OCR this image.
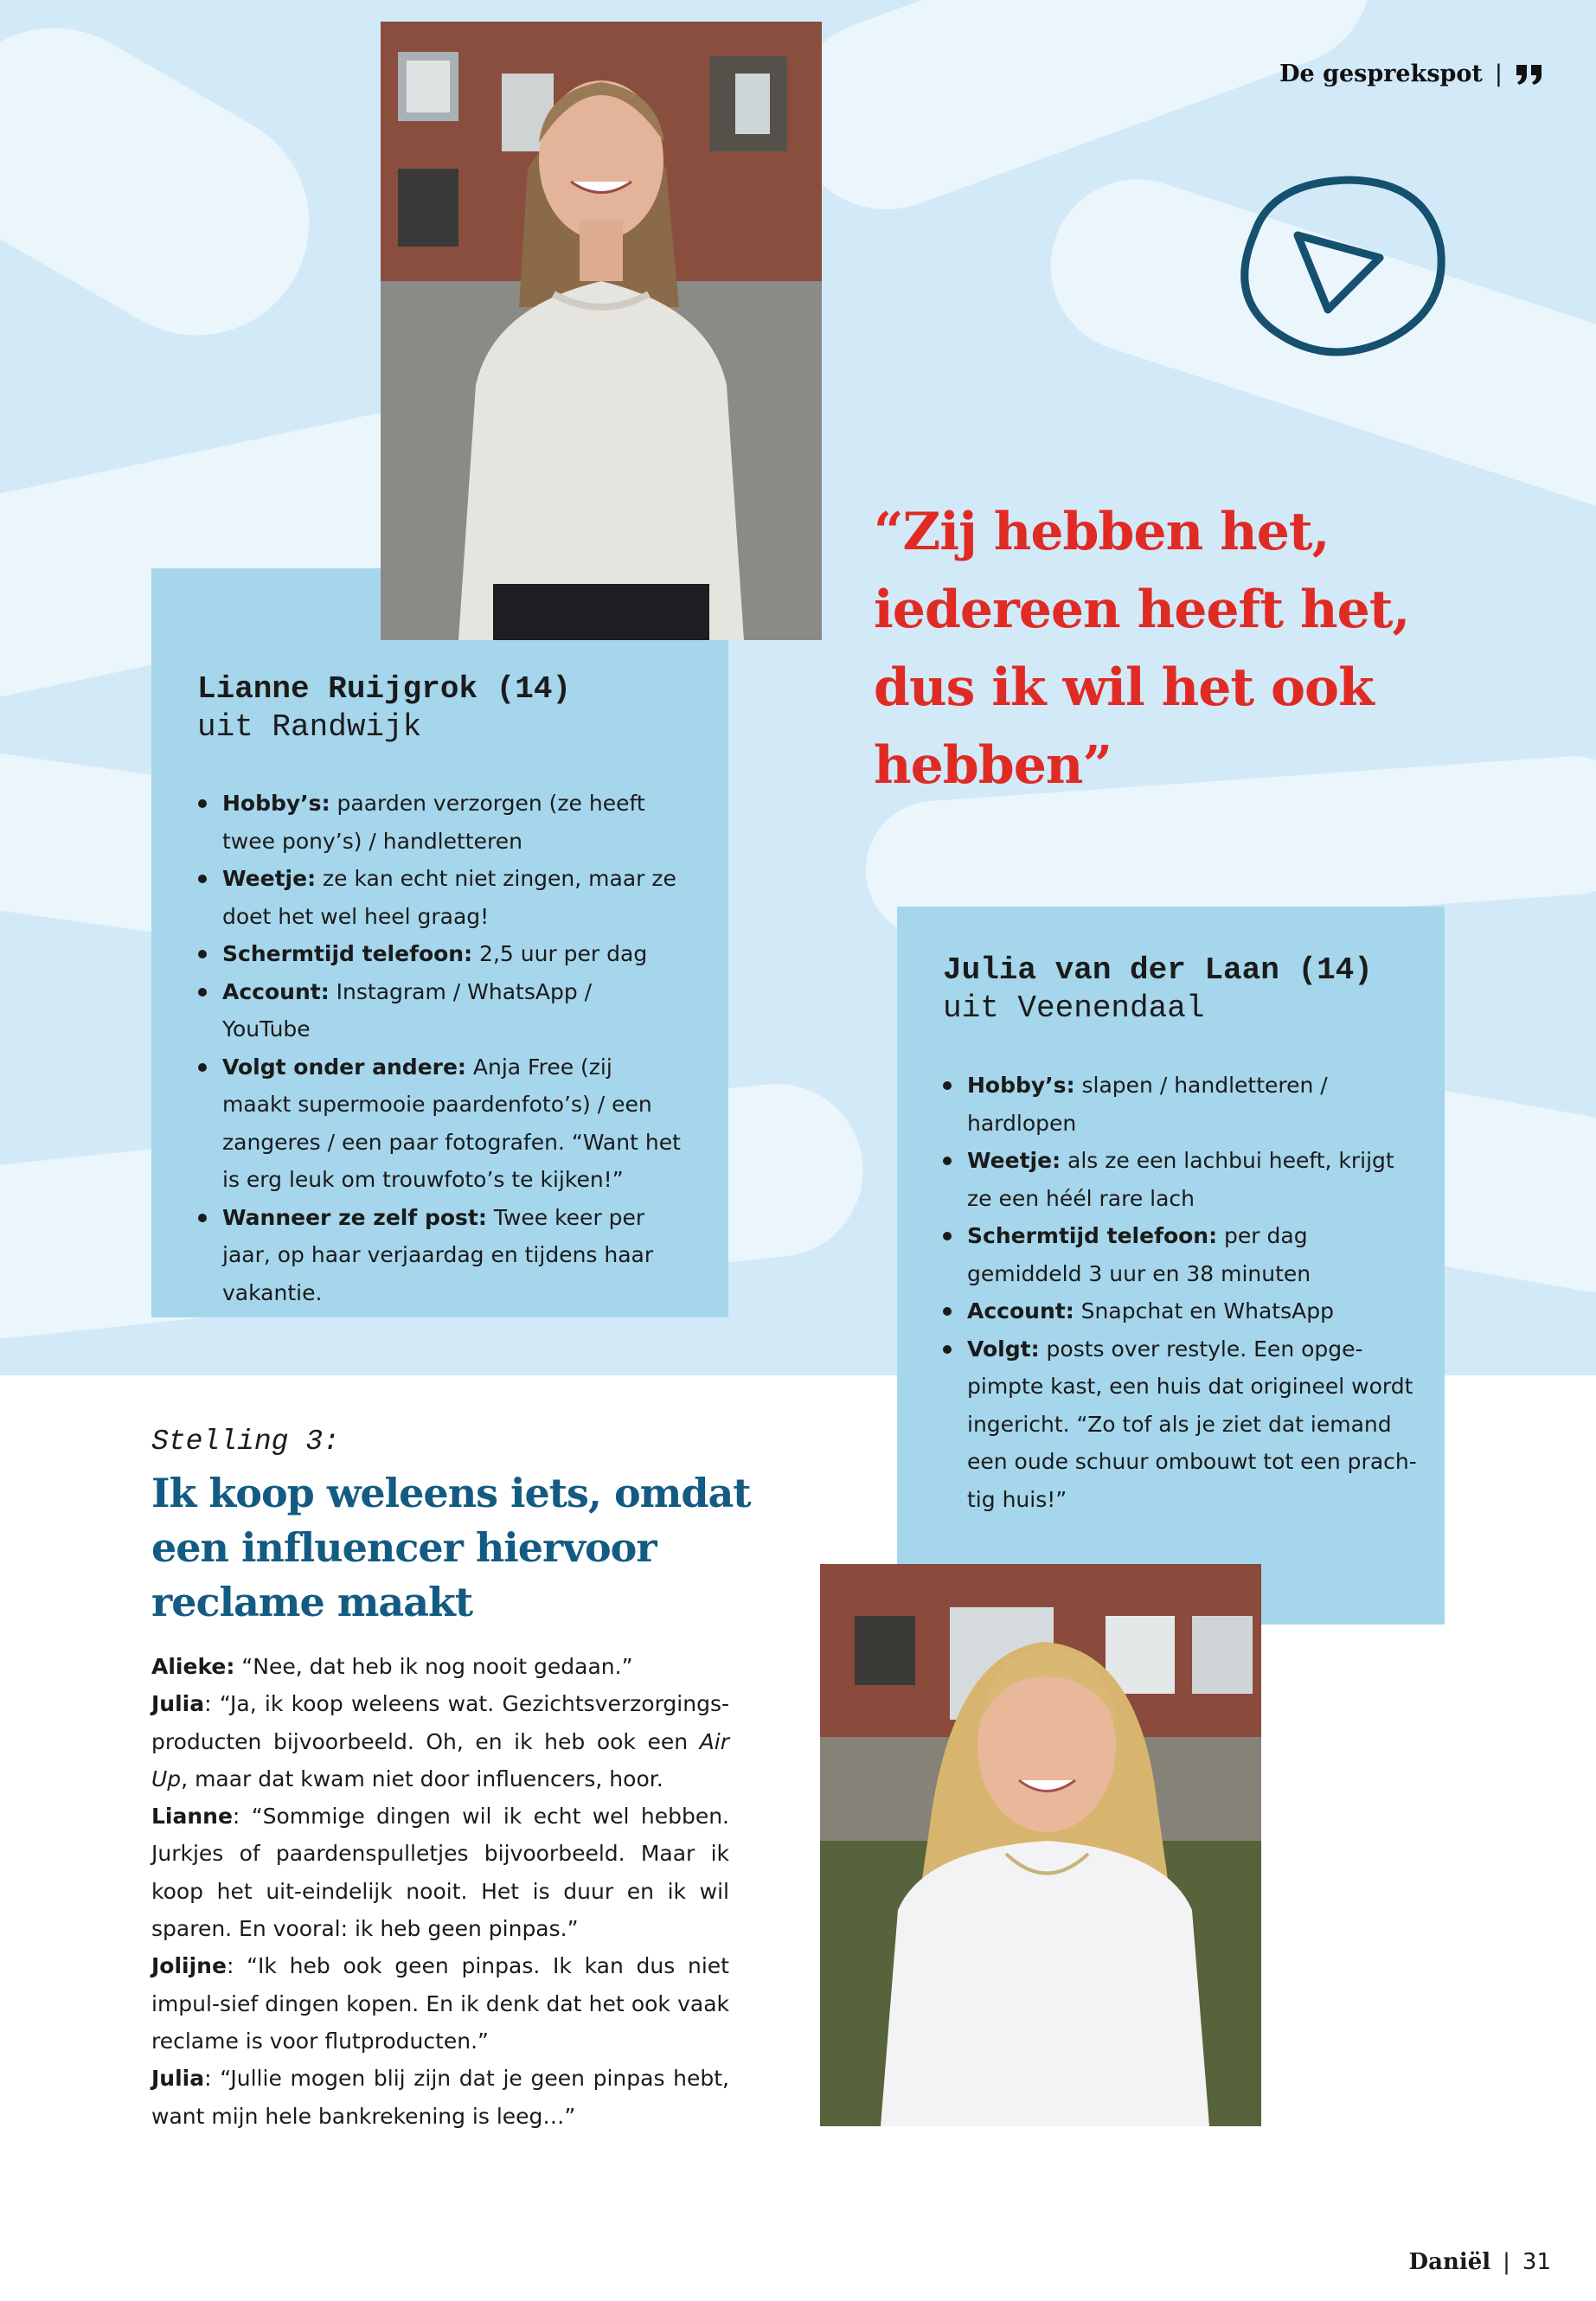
De gesprekspot |
Lianne Ruijgrok (14)
uit Randwijk
Hobby’s: paarden verzorgen (ze heeft twee pony’s) / handletteren
Weetje: ze kan echt niet zingen, maar ze doet het wel heel graag!
Schermtijd telefoon: 2,5 uur per dag
Account: Instagram / WhatsApp / YouTube
Volgt onder andere: Anja Free (zij maakt supermooie paardenfoto’s) / een zangeres / een paar fotografen. “Want het is erg leuk om trouwfoto’s te kijken!”
Wanneer ze zelf post: Twee keer per jaar, op haar verjaardag en tijdens haar vakantie.
“Zij hebben het, iedereen heeft het, dus ik wil het ook hebben”
Julia van der Laan (14)
uit Veenendaal
Hobby’s: slapen / handletteren / hardlopen
Weetje: als ze een lachbui heeft, krijgt ze een héél rare lach
Schermtijd telefoon: per dag gemiddeld 3 uur en 38 minuten
Account: Snapchat en WhatsApp
Volgt: posts over restyle. Een opge-pimpte kast, een huis dat origineel wordt ingericht. “Zo tof als je ziet dat iemand een oude schuur ombouwt tot een prach-tig huis!”
Stelling 3:
Ik koop weleens iets, omdat een influencer hiervoor reclame maakt

Alieke: “Nee, dat heb ik nog nooit gedaan.”

Julia: “Ja, ik koop weleens wat. Gezichtsverzorgings-producten bijvoorbeeld. Oh, en ik heb ook een Air Up, maar dat kwam niet door influencers, hoor.

Lianne: “Sommige dingen wil ik echt wel hebben. Jurkjes of paardenspulletjes bijvoorbeeld. Maar ik koop het uit-eindelijk nooit. Het is duur en ik wil sparen. En vooral: ik heb geen pinpas.”

Jolijne: “Ik heb ook geen pinpas. Ik kan dus niet impul-sief dingen kopen. En ik denk dat het ook vaak reclame is voor flutproducten.”

Julia: “Jullie mogen blij zijn dat je geen pinpas hebt, want mijn hele bankrekening is leeg…”

Daniël | 31
